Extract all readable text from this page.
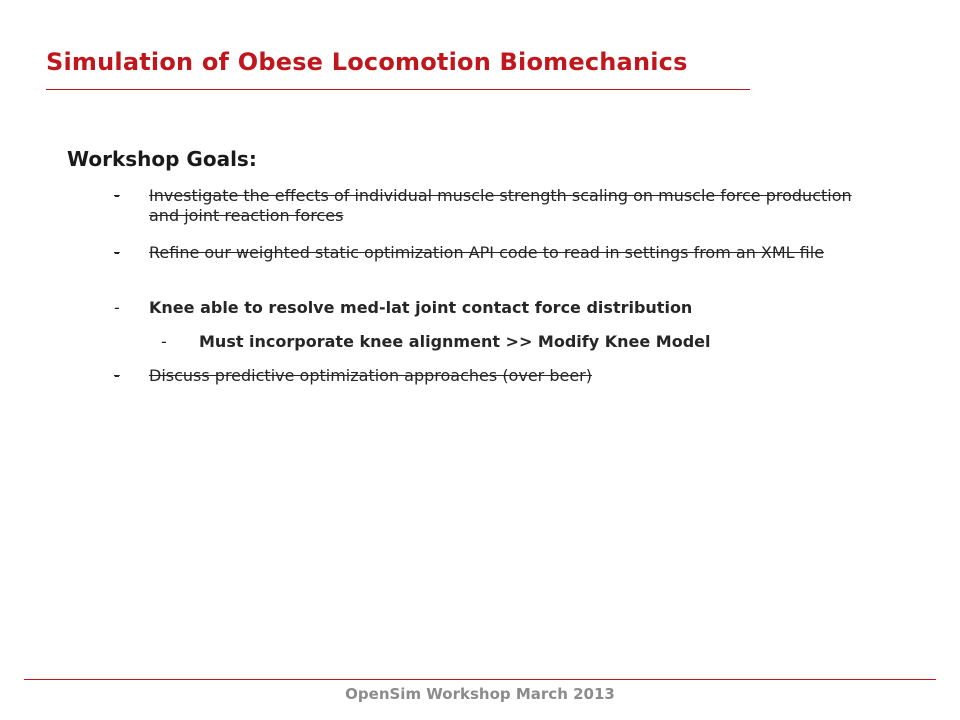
Simulation of Obese Locomotion Biomechanics
Workshop Goals:
- Investigate the effects of individual muscle strength scaling on muscle force production and joint reaction forces
- Refine our weighted static optimization API code to read in settings from an XML file
- Knee able to resolve med-lat joint contact force distribution
- Must incorporate knee alignment >> Modify Knee Model
- Discuss predictive optimization approaches (over beer)
OpenSim Workshop March 2013
